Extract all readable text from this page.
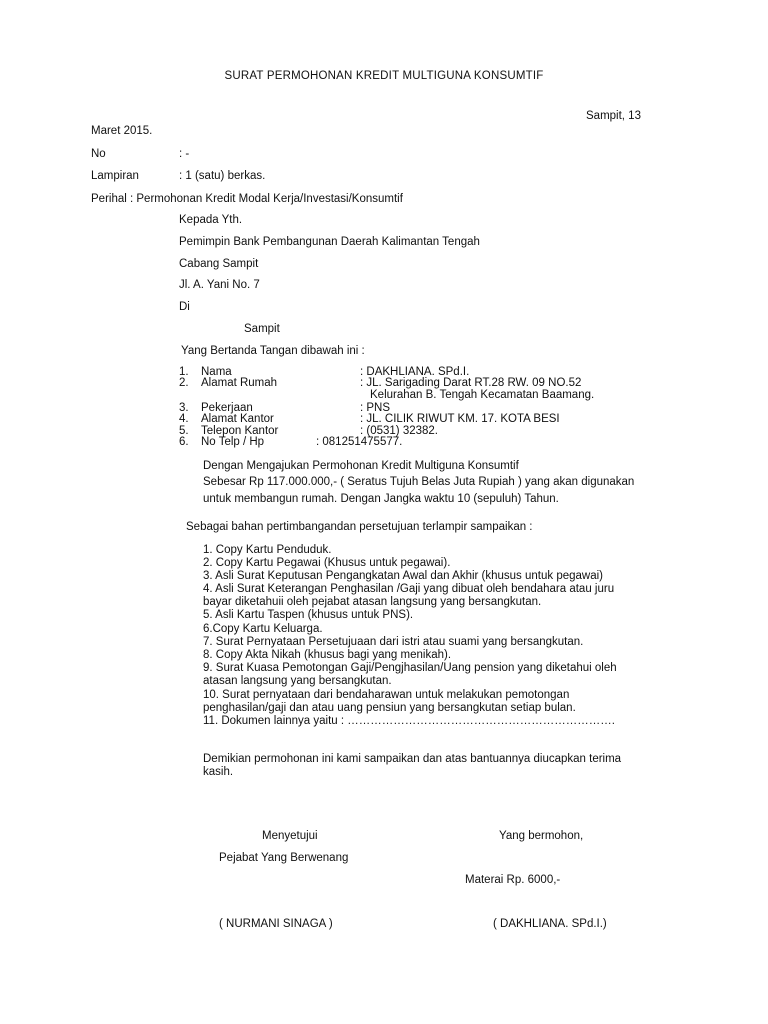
SURAT PERMOHONAN KREDIT MULTIGUNA KONSUMTIF
Sampit, 13
Maret 2015.
No	: -
Lampiran	: 1 (satu) berkas.
Perihal : Permohonan Kredit Modal Kerja/Investasi/Konsumtif
Kepada Yth.
Pemimpin Bank Pembangunan Daerah Kalimantan Tengah
Cabang Sampit
Jl. A. Yani No. 7
Di
Sampit
Yang Bertanda Tangan dibawah ini :
1. Nama	: DAKHLIANA. SPd.I.
2. Alamat Rumah	: JL. Sarigading Darat RT.28 RW. 09 NO.52
Kelurahan B. Tengah Kecamatan Baamang.
3. Pekerjaan	: PNS
4. Alamat Kantor	: JL. CILIK RIWUT KM. 17. KOTA BESI
5. Telepon Kantor	: (0531) 32382.
6. No Telp / Hp	: 081251475577.
Dengan Mengajukan Permohonan Kredit Multiguna Konsumtif
Sebesar Rp 117.000.000,- ( Seratus Tujuh Belas Juta Rupiah ) yang akan digunakan
untuk membangun rumah. Dengan Jangka waktu 10 (sepuluh) Tahun.
Sebagai bahan pertimbangandan persetujuan terlampir sampaikan :
1. Copy Kartu Penduduk.
2. Copy Kartu Pegawai (Khusus untuk pegawai).
3. Asli Surat Keputusan Pengangkatan Awal dan Akhir (khusus untuk pegawai)
4. Asli Surat Keterangan Penghasilan /Gaji yang dibuat oleh bendahara atau juru
bayar diketahuii oleh pejabat atasan langsung yang bersangkutan.
5. Asli Kartu Taspen (khusus untuk PNS).
6.Copy Kartu Keluarga.
7. Surat Pernyataan Persetujuaan dari istri atau suami yang bersangkutan.
8. Copy Akta Nikah (khusus bagi yang menikah).
9. Surat Kuasa Pemotongan Gaji/Pengjhasilan/Uang pension yang diketahui oleh
atasan langsung yang bersangkutan.
10. Surat pernyataan dari bendaharawan untuk melakukan pemotongan
penghasilan/gaji dan atau uang pensiun yang bersangkutan setiap bulan.
11. Dokumen lainnya yaitu : …………………………………………………………….
Demikian permohonan ini kami sampaikan dan atas bantuannya diucapkan terima
kasih.
Menyetujui	Yang bermohon,
Pejabat Yang Berwenang
Materai Rp. 6000,-
( NURMANI SINAGA )	( DAKHLIANA. SPd.I.)
